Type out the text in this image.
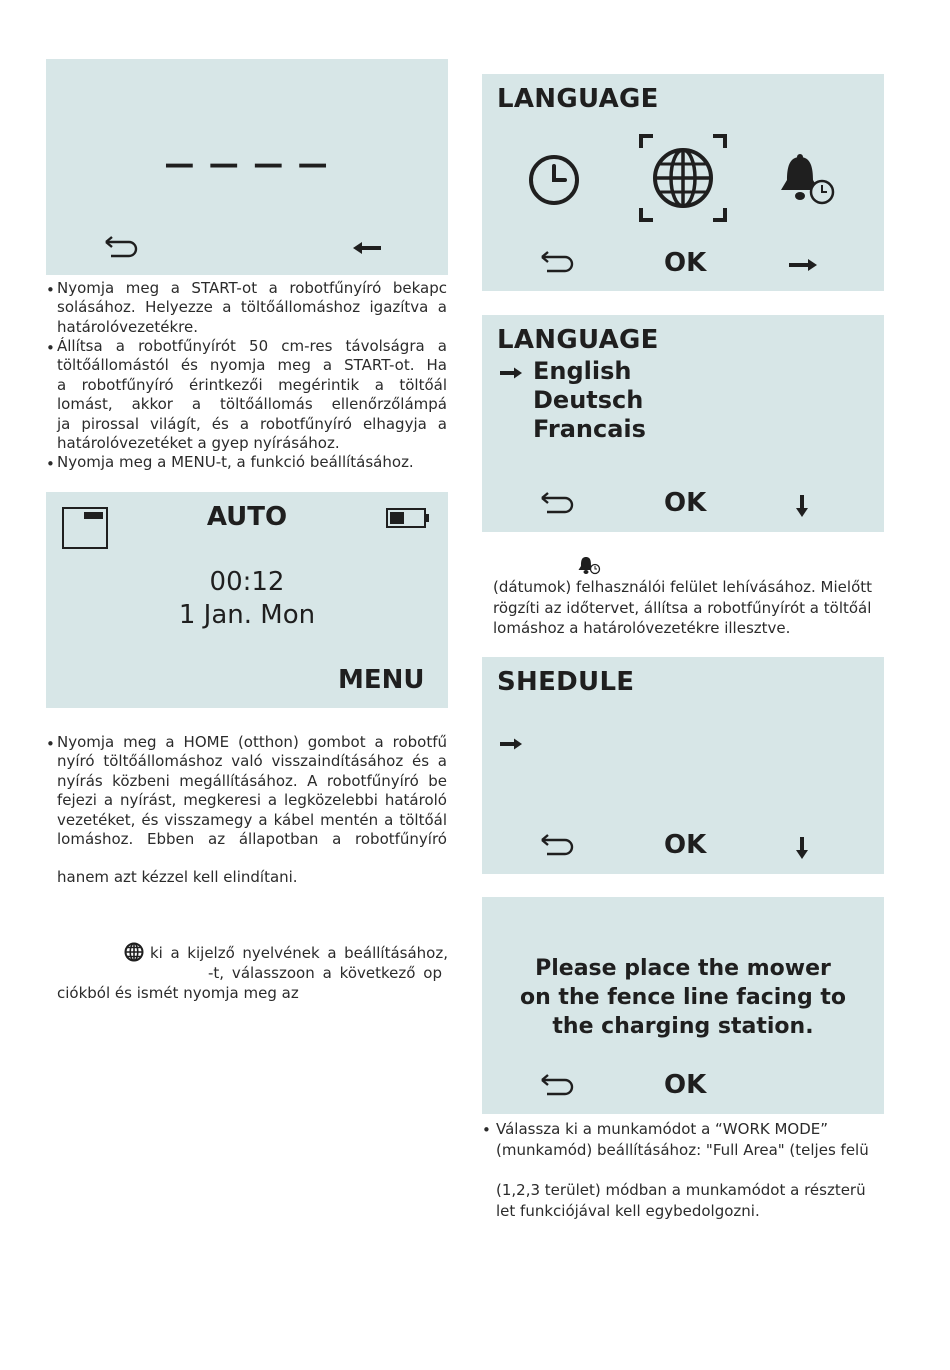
— — — —
• Nyomja meg a START-ot a robotfűnyíró bekapc

solásához. Helyezze a töltőállomáshoz igazítva a

határolóvezetékre.

• Állítsa a robotfűnyírót 50 cm-res távolságra a

töltőállomástól és nyomja meg a START-ot. Ha

a robotfűnyíró érintkezői megérintik a töltőál

lomást, akkor a töltőállomás ellenőrzőlámpá

ja pirossal világít, és a robotfűnyíró elhagyja a

határolóvezetéket a gyep nyírásához.

• Nyomja meg a MENU-t, a funkció beállításához.

AUTO
00:12
1 Jan. Mon
MENU
• Nyomja meg a HOME (otthon) gombot a robotfű

nyíró töltőállomáshoz való visszaindításához és a

nyírás közbeni megállításához. A robotfűnyíró be

fejezi a nyírást, megkeresi a legközelebbi határoló

vezetéket, és visszamegy a kábel mentén a töltőál

lomáshoz. Ebben az állapotban a robotfűnyíró

hanem azt kézzel kell elindítani.
ki a kijelző nyelvének a beállításához,
-t, válasszoon a következő op
ciókból és ismét nyomja meg az
LANGUAGE
OK
LANGUAGE
English
Deutsch
Francais
OK

(dátumok) felhasználói felület lehívásához. Mielőtt

rögzíti az időtervet, állítsa a robotfűnyírót a töltőál

lomáshoz a határolóvezetékre illesztve.

SHEDULE
OK
Please place the mower
on the fence line facing to
the charging station.
OK
• Válassza ki a munkamódot a “WORK MODE”

(munkamód) beállításához: "Full Area" (teljes felü

(1,2,3 terület) módban a munkamódot a részterü

let funkciójával kell egybedolgozni.
